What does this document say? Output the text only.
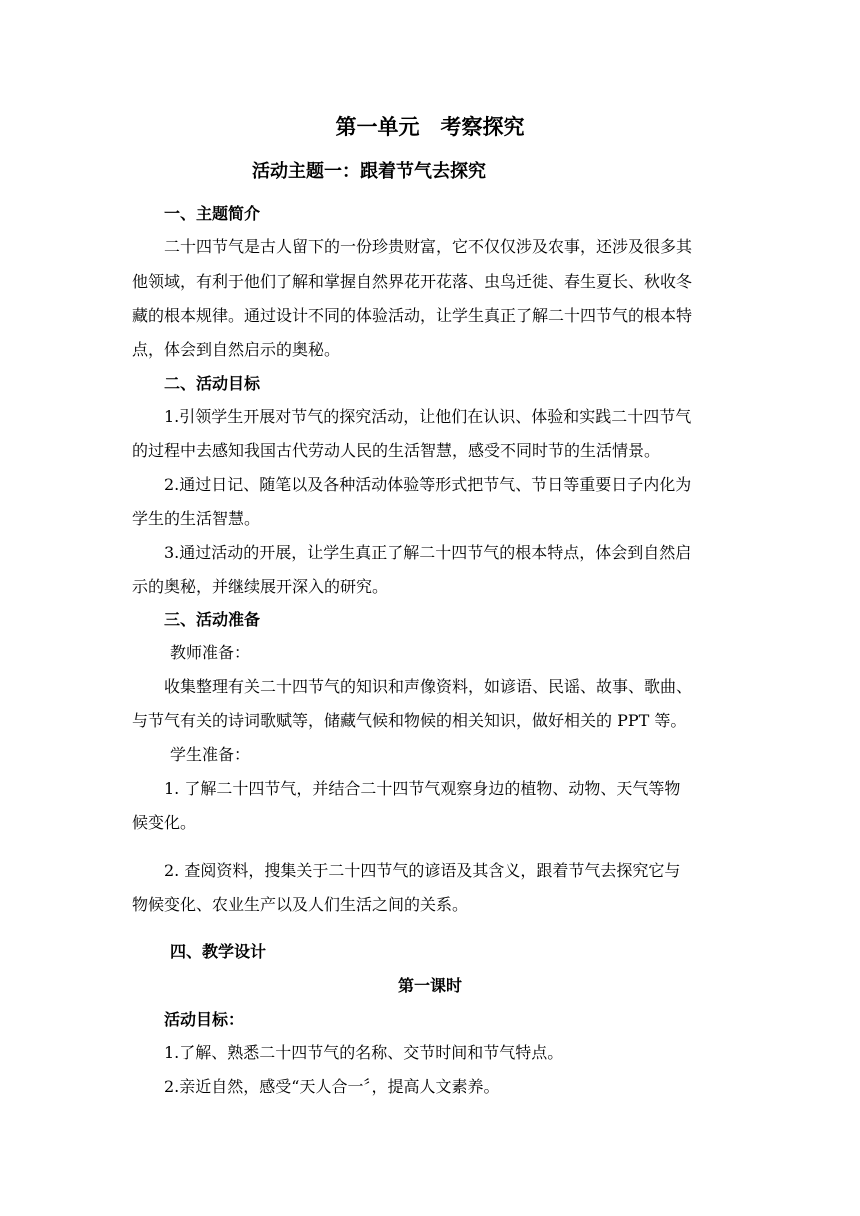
第一单元　考察探究
活动主题一：跟着节气去探究
一、主题简介
二十四节气是古人留下的一份珍贵财富，它不仅仅涉及农事，还涉及很多其
他领域，有利于他们了解和掌握自然界花开花落、虫鸟迁徙、春生夏长、秋收冬
藏的根本规律。通过设计不同的体验活动，让学生真正了解二十四节气的根本特
点，体会到自然启示的奥秘。
二、活动目标
1.引领学生开展对节气的探究活动，让他们在认识、体验和实践二十四节气
的过程中去感知我国古代劳动人民的生活智慧，感受不同时节的生活情景。
2.通过日记、随笔以及各种活动体验等形式把节气、节日等重要日子内化为
学生的生活智慧。
3.通过活动的开展，让学生真正了解二十四节气的根本特点，体会到自然启
示的奥秘，并继续展开深入的研究。
三、活动准备
教师准备：
收集整理有关二十四节气的知识和声像资料，如谚语、民谣、故事、歌曲、
与节气有关的诗词歌赋等，储藏气候和物候的相关知识，做好相关的 PPT 等。
学生准备：
1. 了解二十四节气，并结合二十四节气观察身边的植物、动物、天气等物
候变化。
2. 查阅资料，搜集关于二十四节气的谚语及其含义，跟着节气去探究它与
物候变化、农业生产以及人们生活之间的关系。
四、教学设计
第一课时
活动目标：
1.了解、熟悉二十四节气的名称、交节时间和节气特点。
2.亲近自然，感受“天人合一〞，提高人文素养。
